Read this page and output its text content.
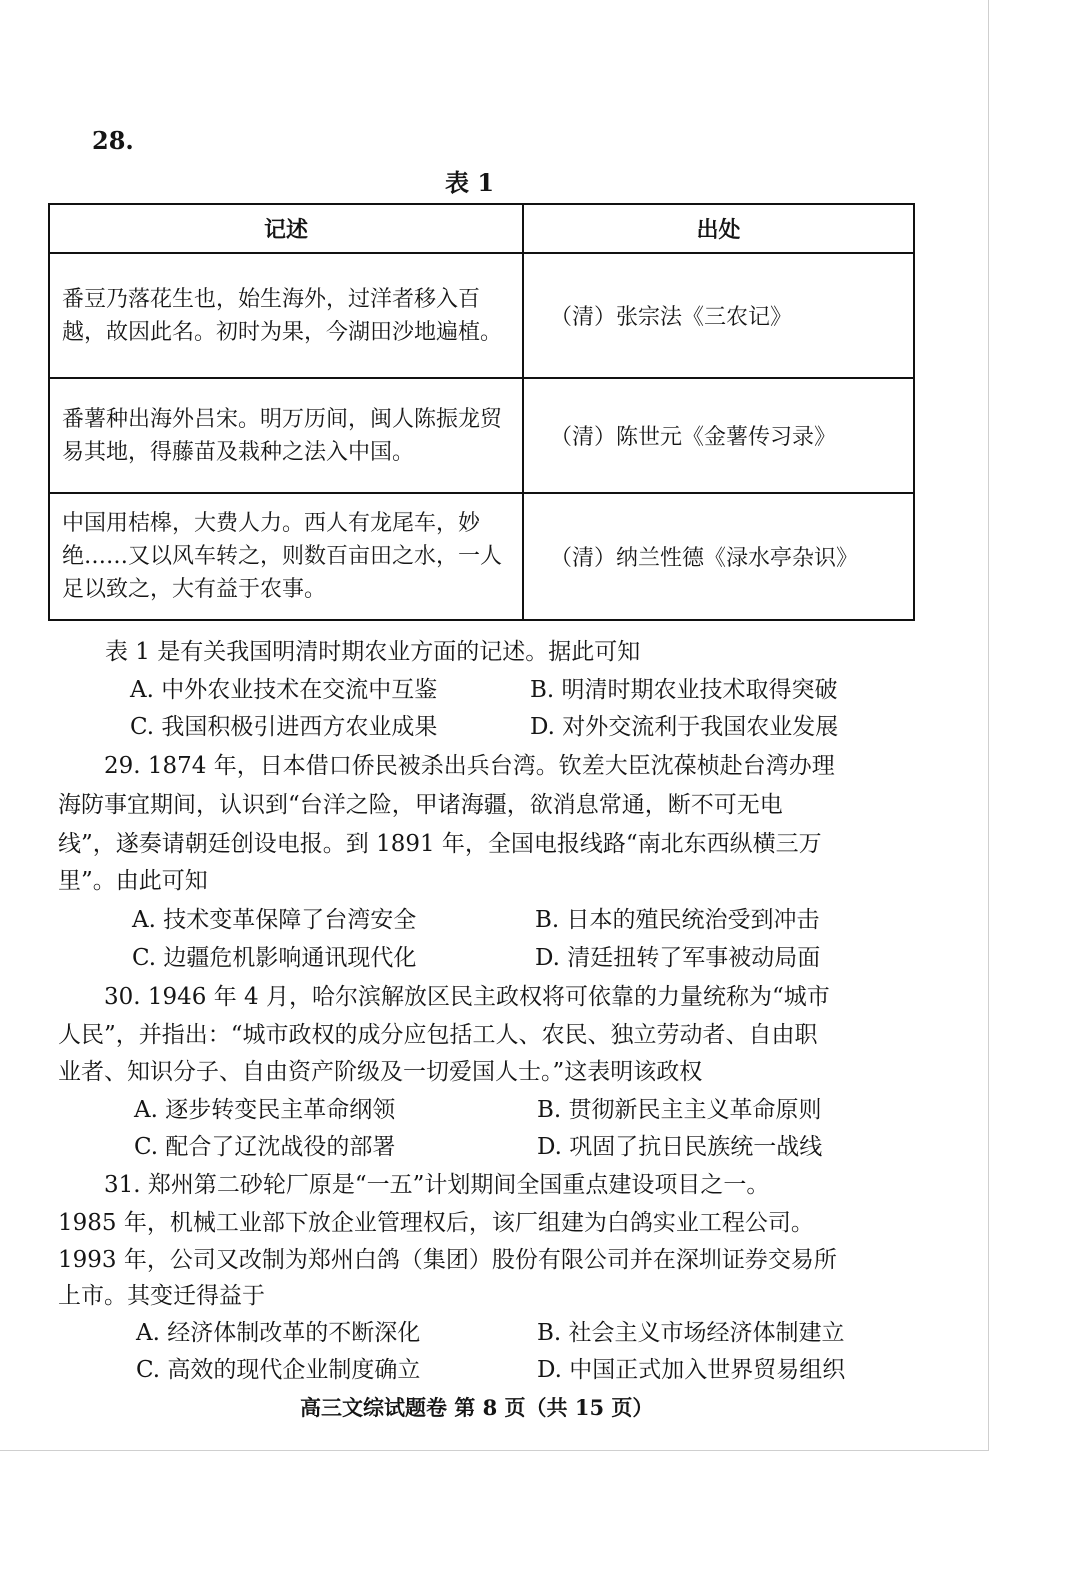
28.
表 1
记述	出处
番豆乃落花生也，始生海外，过洋者移入百越，故因此名。初时为果，今湖田沙地遍植。	（清）张宗法《三农记》
番薯种出海外吕宋。明万历间，闽人陈振龙贸易其地，得藤苗及栽种之法入中国。	（清）陈世元《金薯传习录》
中国用桔槔，大费人力。西人有龙尾车，妙绝……又以风车转之，则数百亩田之水，一人足以致之，大有益于农事。	（清）纳兰性德《渌水亭杂识》
表 1 是有关我国明清时期农业方面的记述。据此可知
A. 中外农业技术在交流中互鉴	B. 明清时期农业技术取得突破
C. 我国积极引进西方农业成果	D. 对外交流利于我国农业发展
29. 1874 年，日本借口侨民被杀出兵台湾。钦差大臣沈葆桢赴台湾办理
海防事宜期间，认识到“台洋之险，甲诸海疆，欲消息常通，断不可无电
线”，遂奏请朝廷创设电报。到 1891 年，全国电报线路“南北东西纵横三万
里”。由此可知
A. 技术变革保障了台湾安全	B. 日本的殖民统治受到冲击
C. 边疆危机影响通讯现代化	D. 清廷扭转了军事被动局面
30. 1946 年 4 月，哈尔滨解放区民主政权将可依靠的力量统称为“城市
人民”，并指出：“城市政权的成分应包括工人、农民、独立劳动者、自由职
业者、知识分子、自由资产阶级及一切爱国人士。”这表明该政权
A. 逐步转变民主革命纲领	B. 贯彻新民主主义革命原则
C. 配合了辽沈战役的部署	D. 巩固了抗日民族统一战线
31. 郑州第二砂轮厂原是“一五”计划期间全国重点建设项目之一。
1985 年，机械工业部下放企业管理权后，该厂组建为白鸽实业工程公司。
1993 年，公司又改制为郑州白鸽（集团）股份有限公司并在深圳证券交易所
上市。其变迁得益于
A. 经济体制改革的不断深化	B. 社会主义市场经济体制建立
C. 高效的现代企业制度确立	D. 中国正式加入世界贸易组织
高三文综试题卷 第 8 页（共 15 页）
